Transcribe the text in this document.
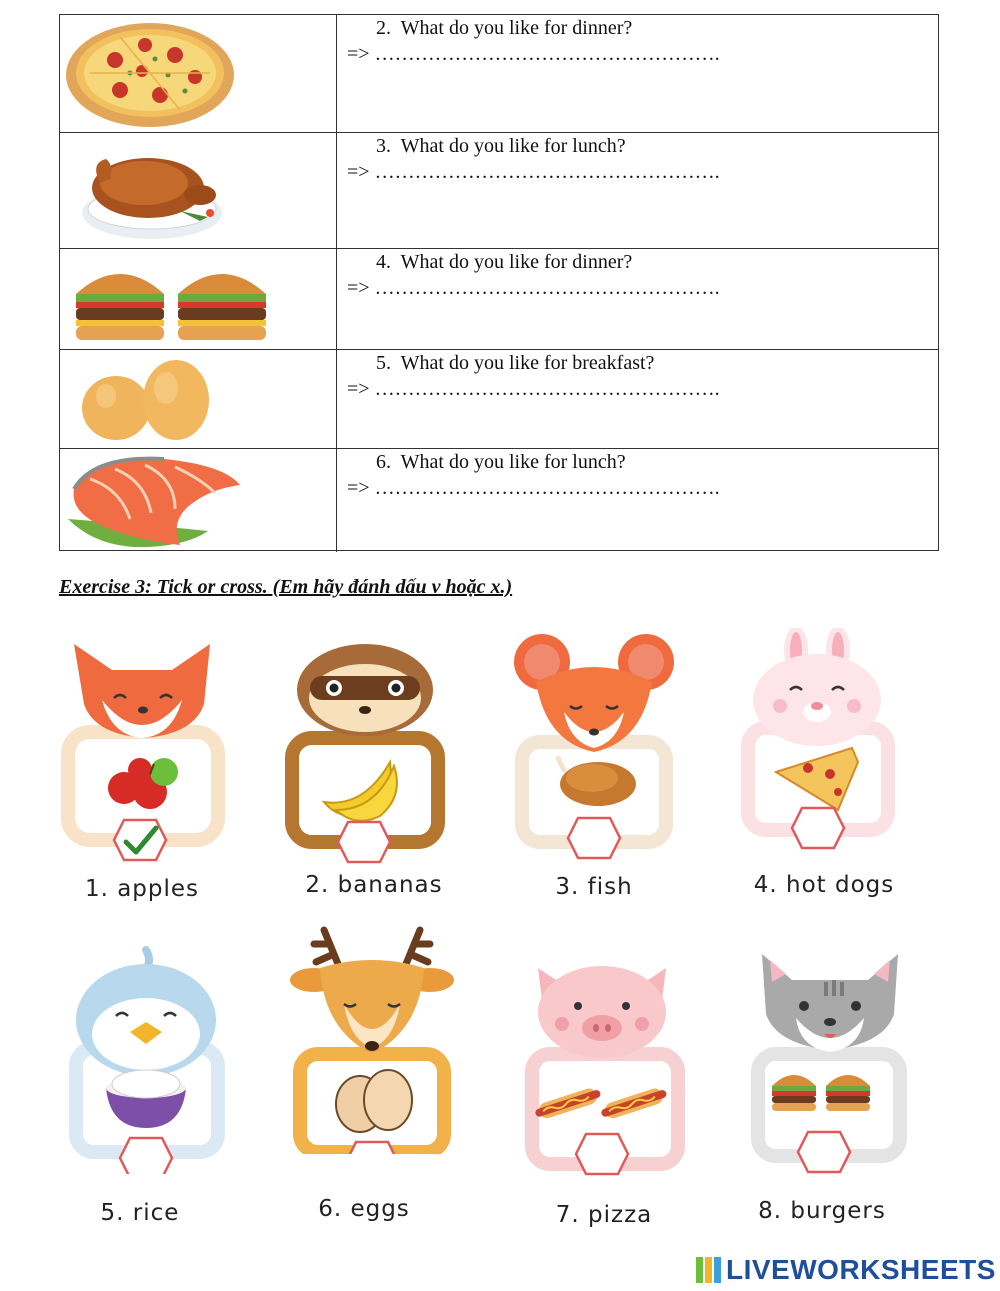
2. What do you like for dinner?
=> …………………………………………….
3. What do you like for lunch?
=> …………………………………………….
4. What do you like for dinner?
=> …………………………………………….
5. What do you like for breakfast?
=> …………………………………………….
6. What do you like for lunch?
=> …………………………………………….
Exercise 3: Tick or cross. (Em hãy đánh dấu v hoặc x.)
1. apples	2. bananas	3. fish	4. hot dogs
5. rice	6. eggs	7. pizza	8. burgers
LIVEWORKSHEETS
